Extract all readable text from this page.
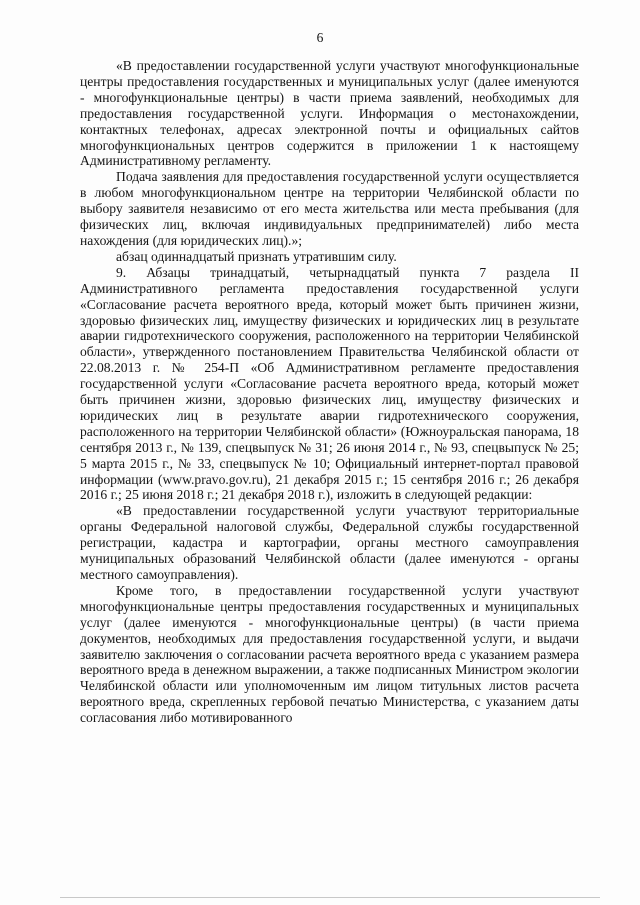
6

«В предоставлении государственной услуги участвуют многофункциональные центры предоставления государственных и муниципальных услуг (далее именуются - многофункциональные центры) в части приема заявлений, необходимых для предоставления государственной услуги. Информация о местонахождении, контактных телефонах, адресах электронной почты и официальных сайтов многофункциональных центров содержится в приложении 1 к настоящему Административному регламенту.

Подача заявления для предоставления государственной услуги осуществляется в любом многофункциональном центре на территории Челябинской области по выбору заявителя независимо от его места жительства или места пребывания (для физических лиц, включая индивидуальных предпринимателей) либо места нахождения (для юридических лиц).»;

абзац одиннадцатый признать утратившим силу.

9. Абзацы тринадцатый, четырнадцатый пункта 7 раздела II Административного регламента предоставления государственной услуги «Согласование расчета вероятного вреда, который может быть причинен жизни, здоровью физических лиц, имуществу физических и юридических лиц в результате аварии гидротехнического сооружения, расположенного на территории Челябинской области», утвержденного постановлением Правительства Челябинской области от 22.08.2013 г. № 254-П «Об Административном регламенте предоставления государственной услуги «Согласование расчета вероятного вреда, который может быть причинен жизни, здоровью физических лиц, имуществу физических и юридических лиц в результате аварии гидротехнического сооружения, расположенного на территории Челябинской области» (Южноуральская панорама, 18 сентября 2013 г., № 139, спецвыпуск № 31; 26 июня 2014 г., № 93, спецвыпуск № 25; 5 марта 2015 г., № 33, спецвыпуск № 10; Официальный интернет-портал правовой информации (www.pravo.gov.ru), 21 декабря 2015 г.; 15 сентября 2016 г.; 26 декабря 2016 г.; 25 июня 2018 г.; 21 декабря 2018 г.), изложить в следующей редакции:

«В предоставлении государственной услуги участвуют территориальные органы Федеральной налоговой службы, Федеральной службы государственной регистрации, кадастра и картографии, органы местного самоуправления муниципальных образований Челябинской области (далее именуются - органы местного самоуправления).

Кроме того, в предоставлении государственной услуги участвуют многофункциональные центры предоставления государственных и муниципальных услуг (далее именуются - многофункциональные центры) (в части приема документов, необходимых для предоставления государственной услуги, и выдачи заявителю заключения о согласовании расчета вероятного вреда с указанием размера вероятного вреда в денежном выражении, а также подписанных Министром экологии Челябинской области или уполномоченным им лицом титульных листов расчета вероятного вреда, скрепленных гербовой печатью Министерства, с указанием даты согласования либо мотивированного
